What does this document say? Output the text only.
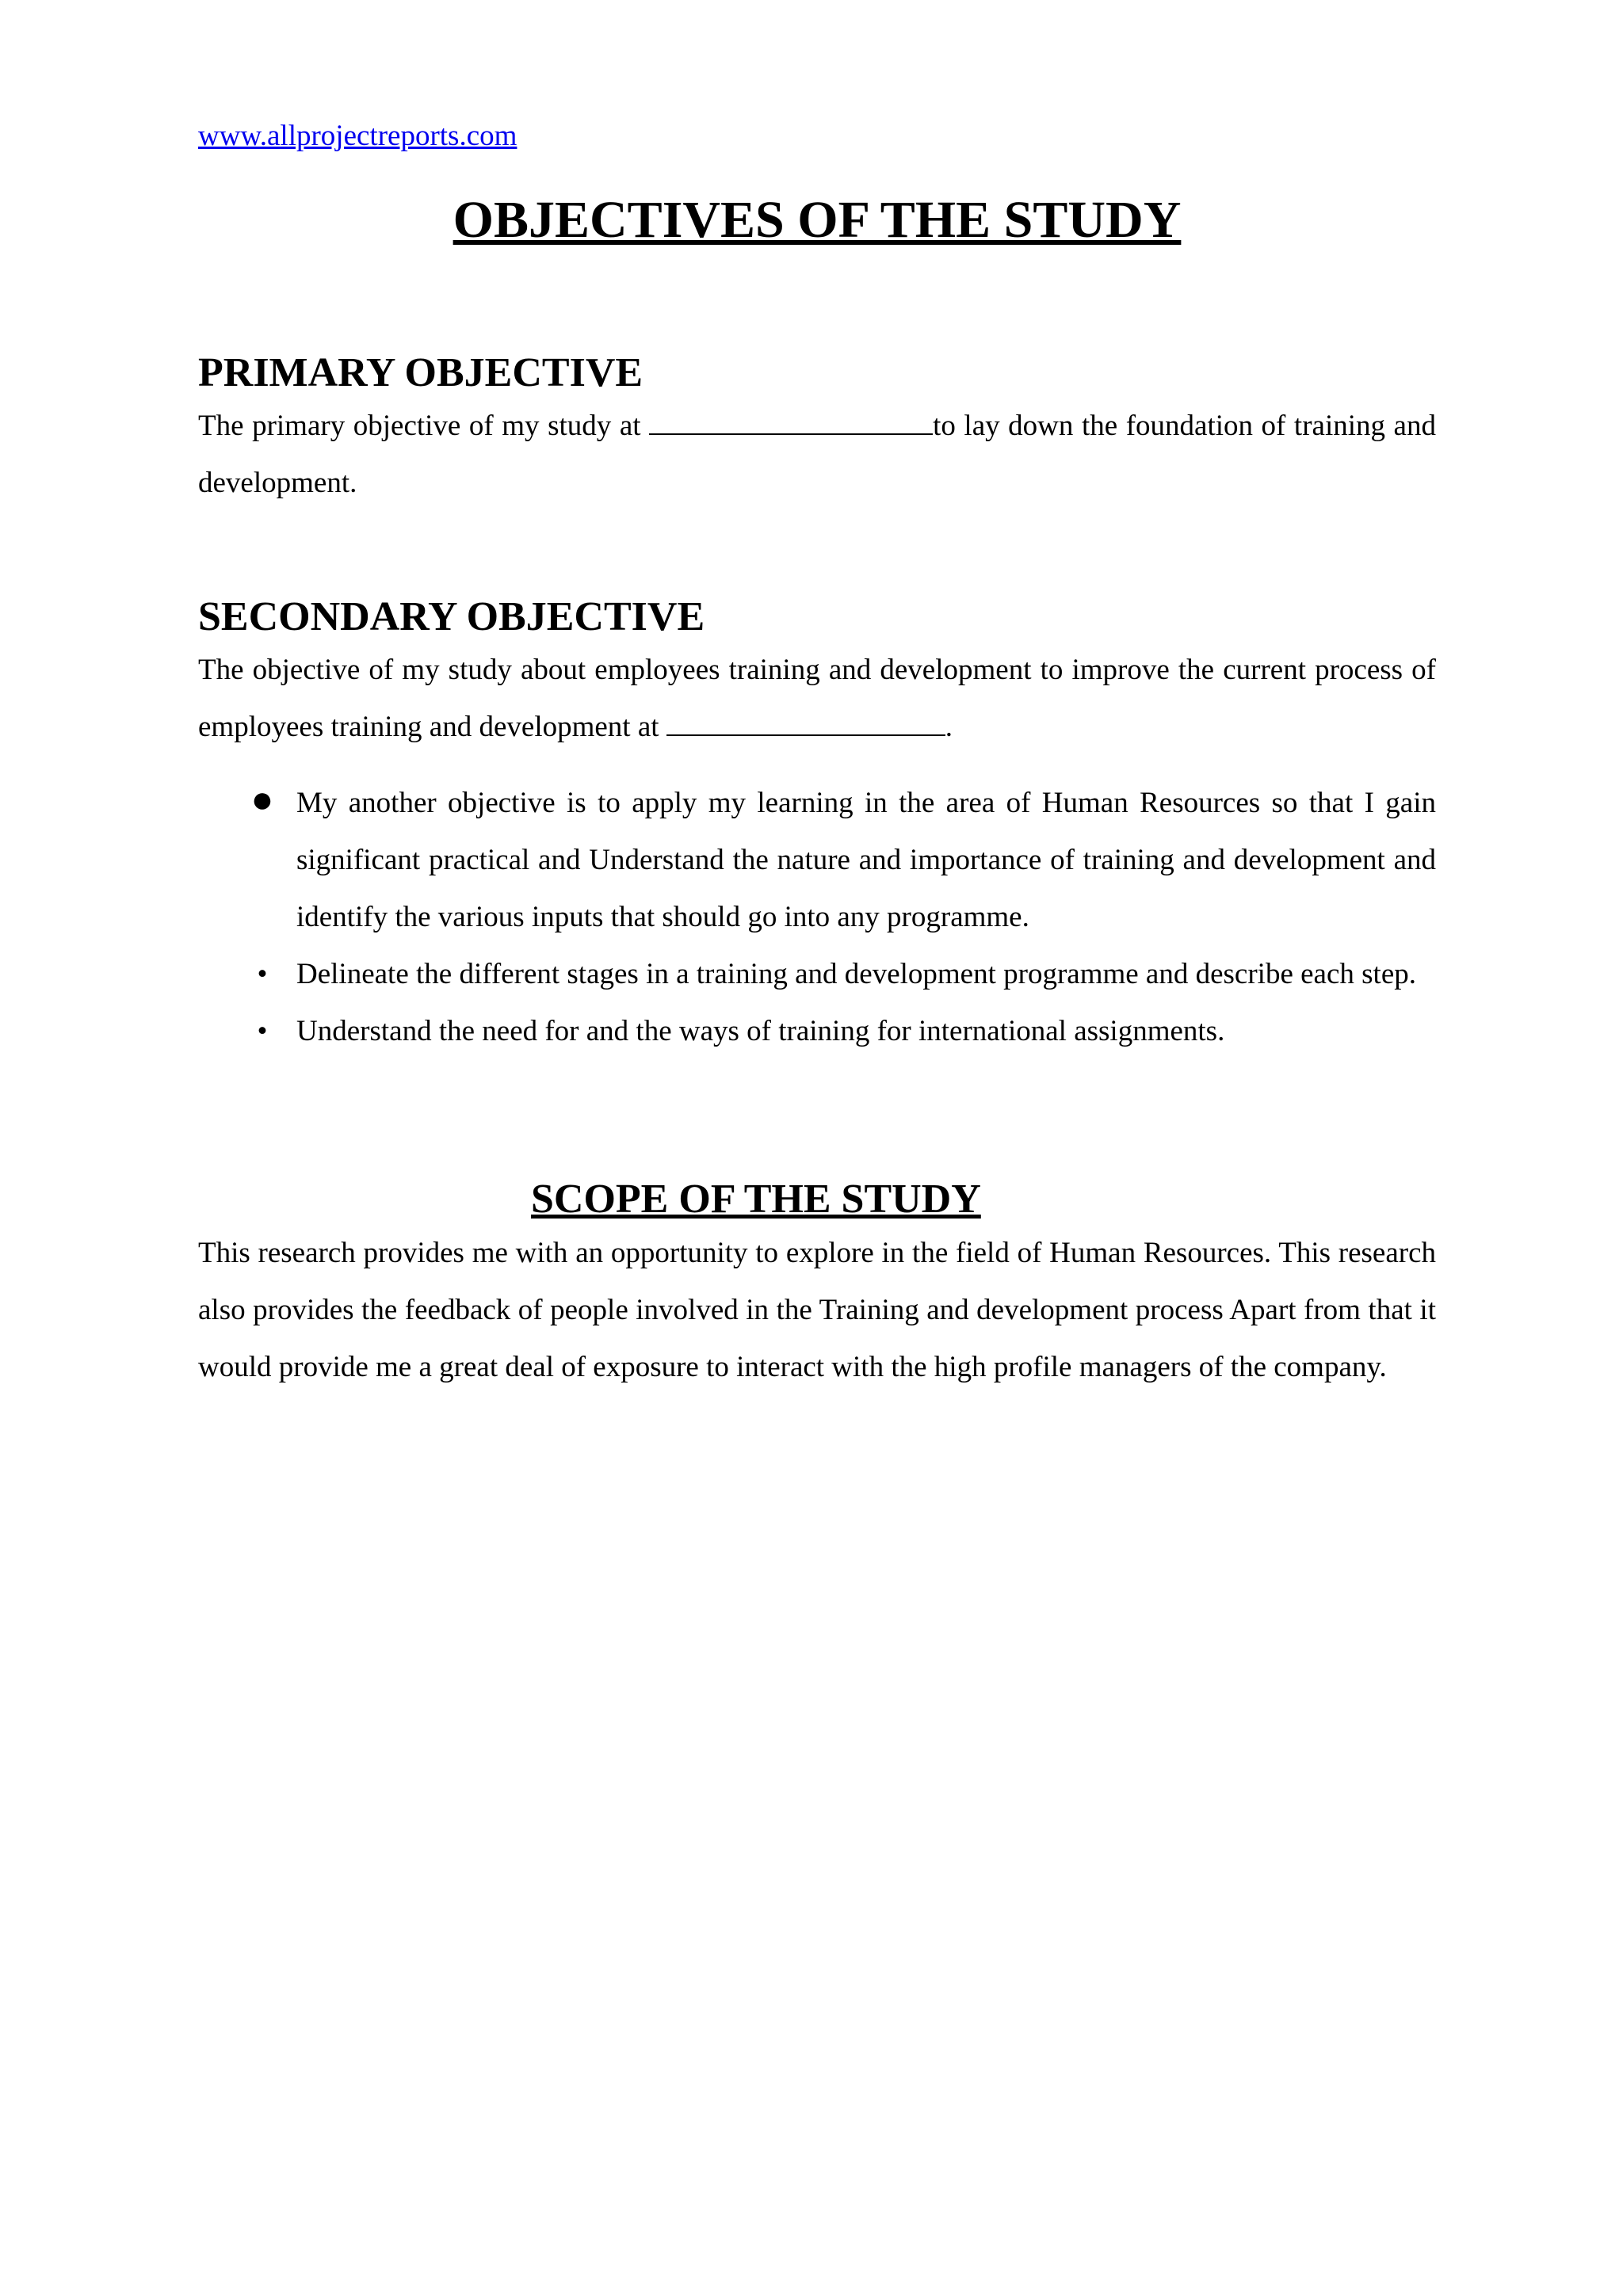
www.allprojectreports.com
OBJECTIVES OF THE STUDY
PRIMARY OBJECTIVE

The primary objective of my study at	to lay down the foundation of training and development.

SECONDARY OBJECTIVE

The objective of my study about employees training and development to improve the current process of employees training and development at	.

● My another objective is to apply my learning in the area of Human Resources so that I gain significant practical and Understand the nature and importance of training and development and identify the various inputs that should go into any programme.
• Delineate the different stages in a training and development programme and describe each step.
• Understand the need for and the ways of training for international assignments.
SCOPE OF THE STUDY

This research provides me with an opportunity to explore in the field of Human Resources. This research also provides the feedback of people involved in the Training and development process Apart from that it would provide me a great deal of exposure to interact with the high profile managers of the company.
